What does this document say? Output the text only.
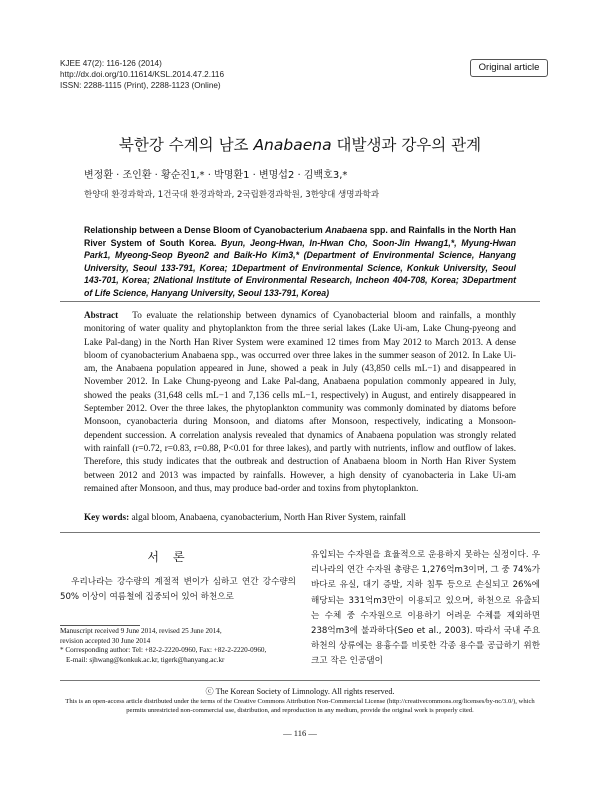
KJEE 47(2): 116-126 (2014)
http://dx.doi.org/10.11614/KSL.2014.47.2.116
ISSN: 2288-1115 (Print), 2288-1123 (Online)
Original article
북한강 수계의 남조 Anabaena 대발생과 강우의 관계
변정환 · 조인환 · 황순진1,* · 박명환1 · 변명섭2 · 김백호3,*
한양대 환경과학과, 1건국대 환경과학과, 2국립환경과학원, 3한양대 생명과학과
Relationship between a Dense Bloom of Cyanobacterium Anabaena spp. and Rainfalls in the North Han River System of South Korea. Byun, Jeong-Hwan, In-Hwan Cho, Soon-Jin Hwang1,*, Myung-Hwan Park1, Myeong-Seop Byeon2 and Baik-Ho Kim3,* (Department of Environmental Science, Hanyang University, Seoul 133-791, Korea; 1Department of Environmental Science, Konkuk University, Seoul 143-701, Korea; 2National Institute of Environmental Research, Incheon 404-708, Korea; 3Department of Life Science, Hanyang University, Seoul 133-791, Korea)
Abstract To evaluate the relationship between dynamics of Cyanobacterial bloom and rainfalls, a monthly monitoring of water quality and phytoplankton from the three serial lakes (Lake Ui-am, Lake Chung-pyeong and Lake Pal-dang) in the North Han River System were examined 12 times from May 2012 to March 2013. A dense bloom of cyanobacterium Anabaena spp., was occurred over three lakes in the summer season of 2012. In Lake Ui-am, the Anabaena population appeared in June, showed a peak in July (43,850 cells mL−1) and disappeared in November 2012. In Lake Chung-pyeong and Lake Pal-dang, Anabaena population commonly appeared in July, showed the peaks (31,648 cells mL−1 and 7,136 cells mL−1, respectively) in August, and entirely disappeared in September 2012. Over the three lakes, the phytoplankton community was commonly dominated by diatoms before Monsoon, cyanobacteria during Monsoon, and diatoms after Monsoon, respectively, indicating a Monsoon-dependent succession. A correlation analysis revealed that dynamics of Anabaena population was strongly related with rainfall (r=0.72, r=0.83, r=0.88, P<0.01 for three lakes), and partly with nutrients, inflow and outflow of lakes. Therefore, this study indicates that the outbreak and destruction of Anabaena bloom in North Han River System between 2012 and 2013 was impacted by rainfalls. However, a high density of cyanobacteria in Lake Ui-am remained after Monsoon, and thus, may produce bad-order and toxins from phytoplankton.
Key words: algal bloom, Anabaena, cyanobacterium, North Han River System, rainfall
서론
우리나라는 강수량의 계절적 변이가 심하고 연간 강수량의 50% 이상이 여름철에 집중되어 있어 하천으로
유입되는 수자원을 효율적으로 운용하지 못하는 실정이다. 우리나라의 연간 수자원 총량은 1,276억m3이며, 그 중 74%가 바다로 유실, 대기 증발, 지하 침투 등으로 손실되고 26%에 해당되는 331억m3만이 이용되고 있으며, 하천으로 유출되는 수체 중 수자원으로 이용하기 어려운 수체를 제외하면 238억m3에 불과하다(Seo et al., 2003). 따라서 국내 주요 하천의 상류에는 용흉수를 비롯한 각종 용수를 공급하기 위한 크고 작은 인공댐이
Manuscript received 9 June 2014, revised 25 June 2014,
revision accepted 30 June 2014
* Corresponding author: Tel: +82-2-2220-0960, Fax: +82-2-2220-0960,
E-mail: sjhwang@konkuk.ac.kr, tigerk@hanyang.ac.kr
ⓒ The Korean Society of Limnology. All rights reserved.
This is an open-access article distributed under the terms of the Creative Commons Attribution Non-Commercial License (http://creativecommons.org/licenses/by-nc/3.0/), which permits unrestricted non-commercial use, distribution, and reproduction in any medium, provide the original work is properly cited.
— 116 —
